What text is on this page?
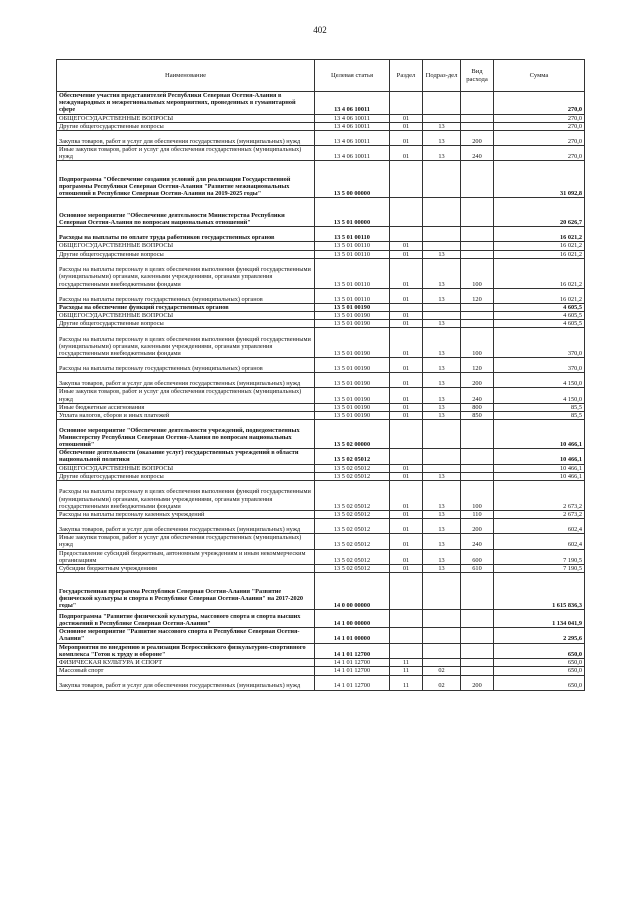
402
Наименование	Целевая статья	Раздел	Подраз-дел	Вид расхода	Сумма
Обеспечение участия представителей Республики Северная Осетия-Алания в международных и межрегиональных мероприятиях, проведенных в гуманитарной сфере	13 4 06 10011				270,0
ОБЩЕГОСУДАРСТВЕННЫЕ ВОПРОСЫ	13 4 06 10011	01			270,0
Другие общегосударственные вопросы	13 4 06 10011	01	13		270,0
Закупка товаров, работ и услуг для обеспечения государственных (муниципальных) нужд	13 4 06 10011	01	13	200	270,0
Иные закупки товаров, работ и услуг для обеспечения государственных (муниципальных) нужд	13 4 06 10011	01	13	240	270,0
Подпрограмма "Обеспечение создания условий для реализации Государственной программы Республики Северная Осетия-Алания "Развитие межнациональных отношений в Республике Северная Осетия-Алания на 2019-2025 годы"	13 5 00 00000				31 092,8
Основное мероприятие "Обеспечение деятельности Министерства Республики Северная Осетия-Алания по вопросам национальных отношений"	13 5 01 00000				20 626,7
Расходы на выплаты по оплате труда работников государственных органов	13 5 01 00110				16 021,2
ОБЩЕГОСУДАРСТВЕННЫЕ ВОПРОСЫ	13 5 01 00110	01			16 021,2
Другие общегосударственные вопросы	13 5 01 00110	01	13		16 021,2
Расходы на выплаты персоналу в целях обеспечения выполнения функций государственными (муниципальными) органами, казенными учреждениями, органами управления государственными внебюджетными фондами	13 5 01 00110	01	13	100	16 021,2
Расходы на выплаты персоналу государственных (муниципальных) органов	13 5 01 00110	01	13	120	16 021,2
Расходы на обеспечение функций государственных органов	13 5 01 00190				4 605,5
ОБЩЕГОСУДАРСТВЕННЫЕ ВОПРОСЫ	13 5 01 00190	01			4 605,5
Другие общегосударственные вопросы	13 5 01 00190	01	13		4 605,5
Расходы на выплаты персоналу в целях обеспечения выполнения функций государственными (муниципальными) органами, казенными учреждениями, органами управления государственными внебюджетными фондами	13 5 01 00190	01	13	100	370,0
Расходы на выплаты персоналу государственных (муниципальных) органов	13 5 01 00190	01	13	120	370,0
Закупка товаров, работ и услуг для обеспечения государственных (муниципальных) нужд	13 5 01 00190	01	13	200	4 150,0
Иные закупки товаров, работ и услуг для обеспечения государственных (муниципальных) нужд	13 5 01 00190	01	13	240	4 150,0
Иные бюджетные ассигнования	13 5 01 00190	01	13	800	85,5
Уплата налогов, сборов и иных платежей	13 5 01 00190	01	13	850	85,5
Основное мероприятие "Обеспечение деятельности учреждений, подведомственных Министерству Республики Северная Осетия-Алания по вопросам национальных отношений"	13 5 02 00000				10 466,1
Обеспечение деятельности (оказание услуг) государственных учреждений в области национальной политики	13 5 02 05012				10 466,1
ОБЩЕГОСУДАРСТВЕННЫЕ ВОПРОСЫ	13 5 02 05012	01			10 466,1
Другие общегосударственные вопросы	13 5 02 05012	01	13		10 466,1
Расходы на выплаты персоналу в целях обеспечения выполнения функций государственными (муниципальными) органами, казенными учреждениями, органами управления государственными внебюджетными фондами	13 5 02 05012	01	13	100	2 673,2
Расходы на выплаты персоналу казенных учреждений	13 5 02 05012	01	13	110	2 673,2
Закупка товаров, работ и услуг для обеспечения государственных (муниципальных) нужд	13 5 02 05012	01	13	200	602,4
Иные закупки товаров, работ и услуг для обеспечения государственных (муниципальных) нужд	13 5 02 05012	01	13	240	602,4
Предоставление субсидий бюджетным, автономным учреждениям и иным некоммерческим организациям	13 5 02 05012	01	13	600	7 190,5
Субсидии бюджетным учреждениям	13 5 02 05012	01	13	610	7 190,5
Государственная программа Республики Северная Осетия-Алания "Развитие физической культуры и спорта в Республике Северная Осетия-Алания" на 2017-2020 годы"	14 0 00 00000				1 615 836,3
Подпрограмма "Развитие физической культуры, массового спорта и спорта высших достижений в Республике Северная Осетия-Алания"	14 1 00 00000				1 134 041,9
Основное мероприятие "Развитие массового спорта в Республике Северная Осетия-Алания"	14 1 01 00000				2 295,6
Мероприятия по внедрению и реализации Всероссийского физкультурно-спортивного комплекса "Готов к труду и обороне"	14 1 01 12700				650,0
ФИЗИЧЕСКАЯ КУЛЬТУРА И СПОРТ	14 1 01 12700	11			650,0
Массовый спорт	14 1 01 12700	11	02		650,0
Закупка товаров, работ и услуг для обеспечения государственных (муниципальных) нужд	14 1 01 12700	11	02	200	650,0
